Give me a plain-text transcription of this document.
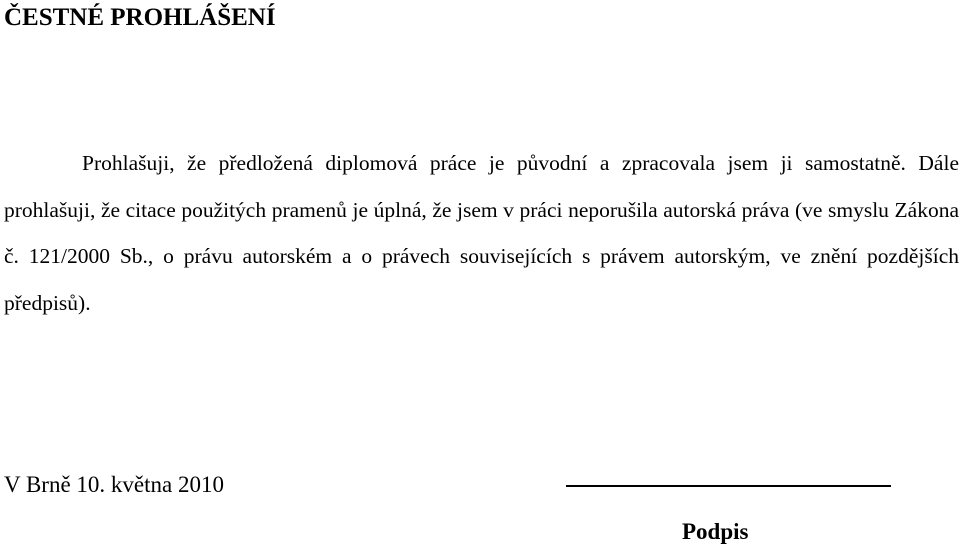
ČESTNÉ PROHLÁŠENÍ

Prohlašuji, že předložená diplomová práce je původní a zpracovala jsem ji samostatně. Dále prohlašuji, že citace použitých pramenů je úplná, že jsem v práci neporušila autorská práva (ve smyslu Zákona č. 121/2000 Sb., o právu autorském a o právech souvisejících s právem autorským, ve znění pozdějších předpisů).

V Brně 10. května 2010
Podpis
